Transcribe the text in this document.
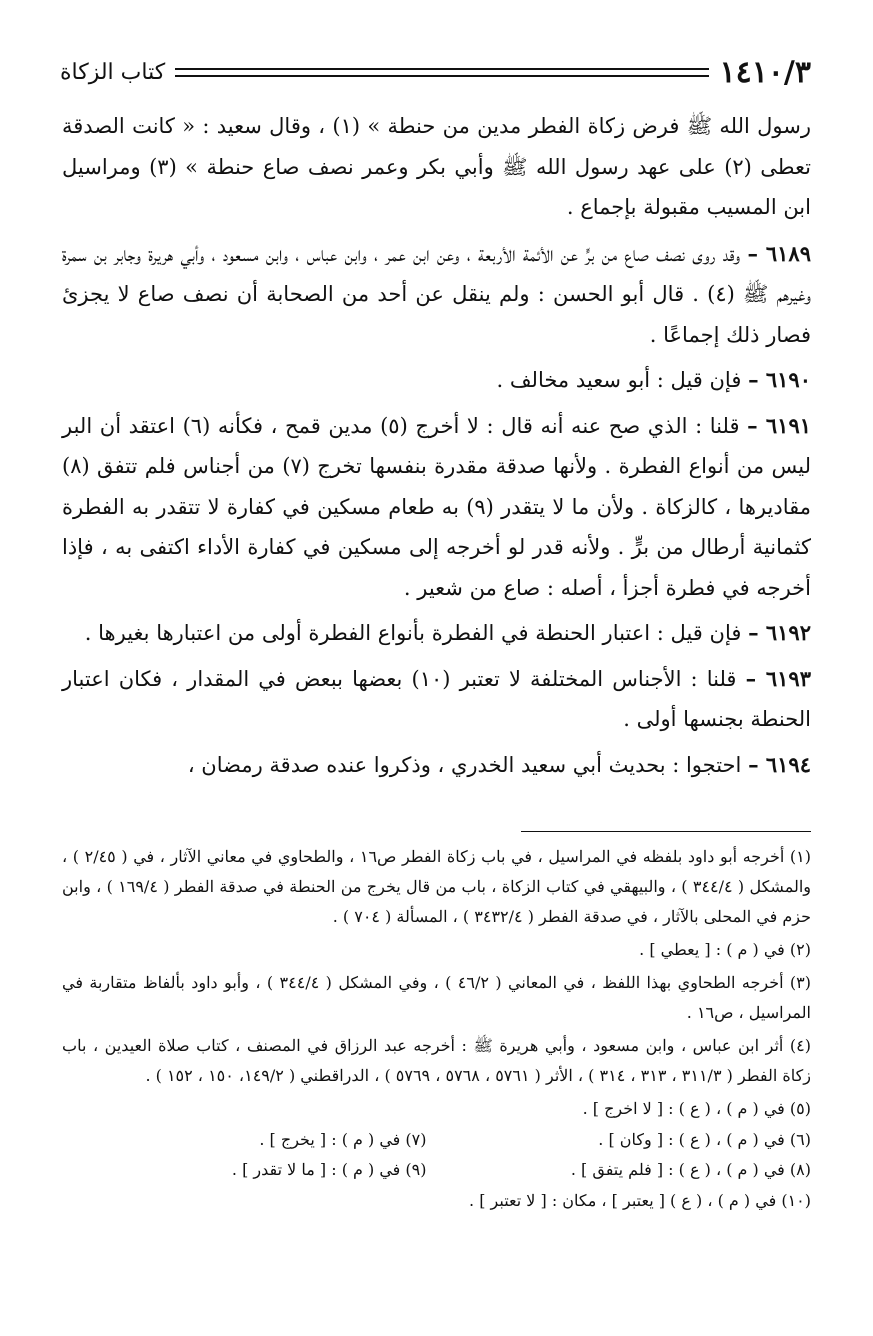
١٤١٠/٣
كتاب الزكاة

رسول الله ﷺ فرض زكاة الفطر مدين من حنطة » (١) ، وقال سعيد : « كانت الصدقة تعطى (٢) على عهد رسول الله ﷺ وأبي بكر وعمر نصف صاع حنطة » (٣) ومراسيل ابن المسيب مقبولة بإجماع .

٦١٨٩ – وقد روى نصف صاع من برٍّ عن الأئمة الأربعة ، وعن ابن عمر ، وابن عباس ، وابن مسعود ، وأبي هريرة وجابر بن سمرة وغيرهم ﷺ (٤) . قال أبو الحسن : ولم ينقل عن أحد من الصحابة أن نصف صاع لا يجزئ فصار ذلك إجماعًا .

٦١٩٠ – فإن قيل : أبو سعيد مخالف .

٦١٩١ – قلنا : الذي صح عنه أنه قال : لا أخرج (٥) مدين قمح ، فكأنه (٦) اعتقد أن البر ليس من أنواع الفطرة . ولأنها صدقة مقدرة بنفسها تخرج (٧) من أجناس فلم تتفق (٨) مقاديرها ، كالزكاة . ولأن ما لا يتقدر (٩) به طعام مسكين في كفارة لا تتقدر به الفطرة كثمانية أرطال من برٍّ . ولأنه قدر لو أخرجه إلى مسكين في كفارة الأداء اكتفى به ، فإذا أخرجه في فطرة أجزأ ، أصله : صاع من شعير .

٦١٩٢ – فإن قيل : اعتبار الحنطة في الفطرة بأنواع الفطرة أولى من اعتبارها بغيرها .

٦١٩٣ – قلنا : الأجناس المختلفة لا تعتبر (١٠) بعضها ببعض في المقدار ، فكان اعتبار الحنطة بجنسها أولى .

٦١٩٤ – احتجوا : بحديث أبي سعيد الخدري ، وذكروا عنده صدقة رمضان ،

(١) أخرجه أبو داود بلفظه في المراسيل ، في باب زكاة الفطر ص١٦ ، والطحاوي في معاني الآثار ، في ( ٢/٤٥ ) ، والمشكل ( ٣٤٤/٤ ) ، والبيهقي في كتاب الزكاة ، باب من قال يخرج من الحنطة في صدقة الفطر ( ١٦٩/٤ ) ، وابن حزم في المحلى بالآثار ، في صدقة الفطر ( ٣٤٣٢/٤ ) ، المسألة ( ٧٠٤ ) .

(٢) في ( م ) : [ يعطي ] .

(٣) أخرجه الطحاوي بهذا اللفظ ، في المعاني ( ٤٦/٢ ) ، وفي المشكل ( ٣٤٤/٤ ) ، وأبو داود بألفاظ متقاربة في المراسيل ، ص١٦ .

(٤) أثر ابن عباس ، وابن مسعود ، وأبي هريرة ﷺ : أخرجه عبد الرزاق في المصنف ، كتاب صلاة العيدين ، باب زكاة الفطر ( ٣١١/٣ ، ٣١٣ ، ٣١٤ ) ، الأثر ( ٥٧٦١ ، ٥٧٦٨ ، ٥٧٦٩ ) ، الدراقطني ( ١٤٩/٢، ١٥٠ ، ١٥٢ ) .

(٥) في ( م ) ، ( ع ) : [ لا اخرج ] .

(٦) في ( م ) ، ( ع ) : [ وكان ] .

(٧) في ( م ) : [ يخرج ] .

(٨) في ( م ) ، ( ع ) : [ فلم يتفق ] .

(٩) في ( م ) : [ ما لا تقدر ] .

(١٠) في ( م ) ، ( ع ) [ يعتبر ] ، مكان : [ لا تعتبر ] .
